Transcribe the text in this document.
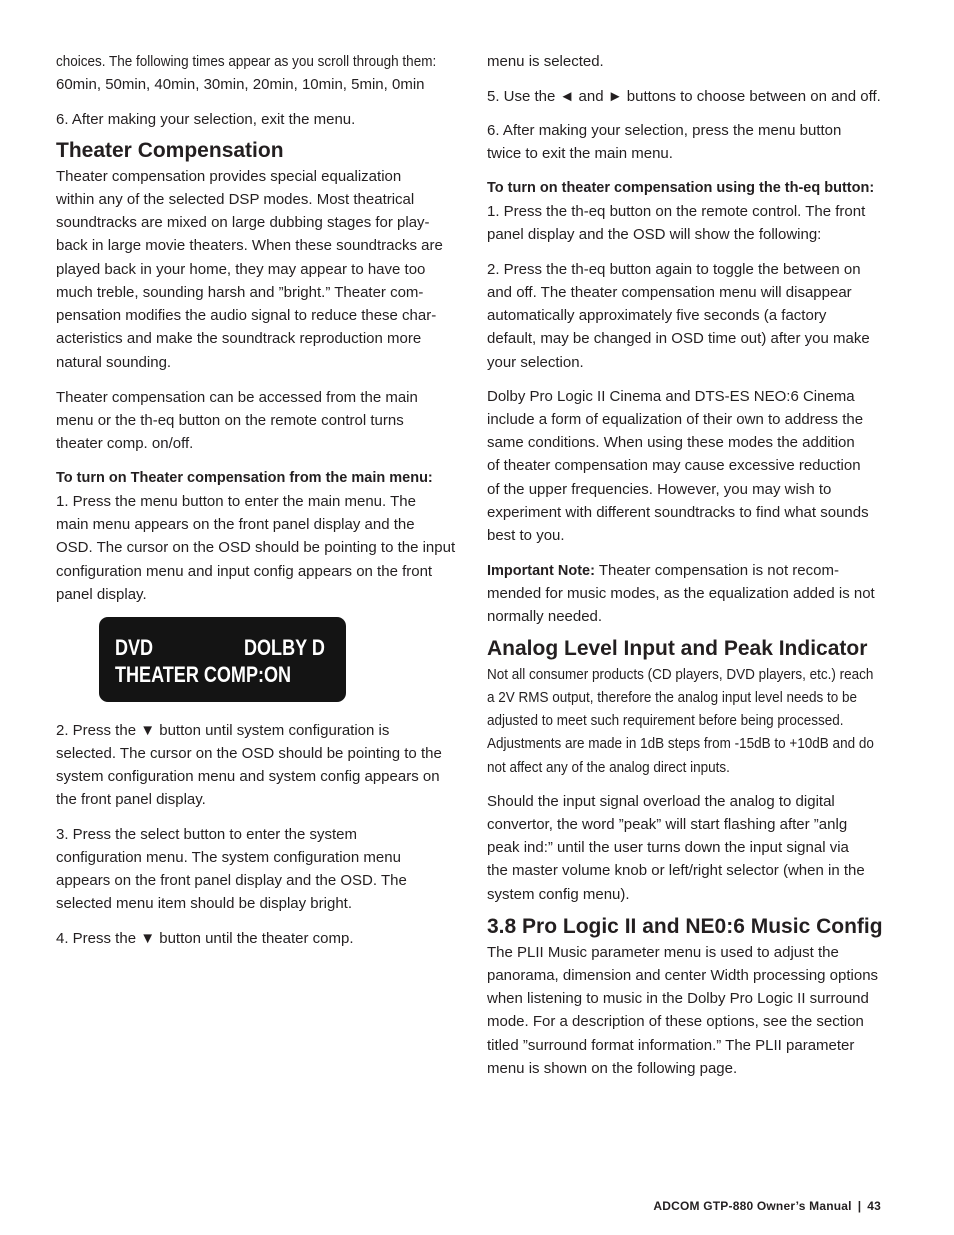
choices. The following times appear as you scroll through them:
60min, 50min, 40min, 30min, 20min, 10min, 5min, 0min
6. After making your selection, exit the menu.
Theater Compensation
Theater compensation provides special equalization
within any of the selected DSP modes. Most theatrical
soundtracks are mixed on large dubbing stages for play-
back in large movie theaters. When these soundtracks are
played back in your home, they may appear to have too
much treble, sounding harsh and ”bright.” Theater com-
pensation modifies the audio signal to reduce these char-
acteristics and make the soundtrack reproduction more
natural sounding.
Theater compensation can be accessed from the main
menu or the th-eq button on the remote control turns
theater comp. on/off.
To turn on Theater compensation from the main menu:
1. Press the menu button to enter the main menu. The
main menu appears on the front panel display and the
OSD. The cursor on the OSD should be pointing to the input
configuration menu and input config appears on the front
panel display.
DVD	DOLBY D
THEATER COMP:ON
2. Press the ▼ button until system configuration is
selected. The cursor on the OSD should be pointing to the
system configuration menu and system config appears on
the front panel display.
3. Press the select button to enter the system
configuration menu. The system configuration menu
appears on the front panel display and the OSD. The
selected menu item should be display bright.
4. Press the ▼ button until the theater comp.
menu is selected.
5. Use the ◄ and ► buttons to choose between on and off.
6. After making your selection, press the menu button
twice to exit the main menu.
To turn on theater compensation using the th-eq button:
1. Press the th-eq button on the remote control. The front
panel display and the OSD will show the following:
2. Press the th-eq button again to toggle the between on
and off. The theater compensation menu will disappear
automatically approximately five seconds (a factory
default, may be changed in OSD time out) after you make
your selection.
Dolby Pro Logic II Cinema and DTS-ES NEO:6 Cinema
include a form of equalization of their own to address the
same conditions. When using these modes the addition
of theater compensation may cause excessive reduction
of the upper frequencies. However, you may wish to
experiment with different soundtracks to find what sounds
best to you.
Important Note: Theater compensation is not recom-
mended for music modes, as the equalization added is not
normally needed.
Analog Level Input and Peak Indicator
Not all consumer products (CD players, DVD players, etc.) reach
a 2V RMS output, therefore the analog input level needs to be
adjusted to meet such requirement before being processed.
Adjustments are made in 1dB steps from -15dB to +10dB and do
not affect any of the analog direct inputs.
Should the input signal overload the analog to digital
convertor, the word ”peak” will start flashing after ”anlg
peak ind:” until the user turns down the input signal via
the master volume knob or left/right selector (when in the
system config menu).
3.8 Pro Logic II and NE0:6 Music Config
The PLII Music parameter menu is used to adjust the
panorama, dimension and center Width processing options
when listening to music in the Dolby Pro Logic II surround
mode. For a description of these options, see the section
titled ”surround format information.” The PLII parameter
menu is shown on the following page.
ADCOM GTP-880 Owner’s Manual | 43
